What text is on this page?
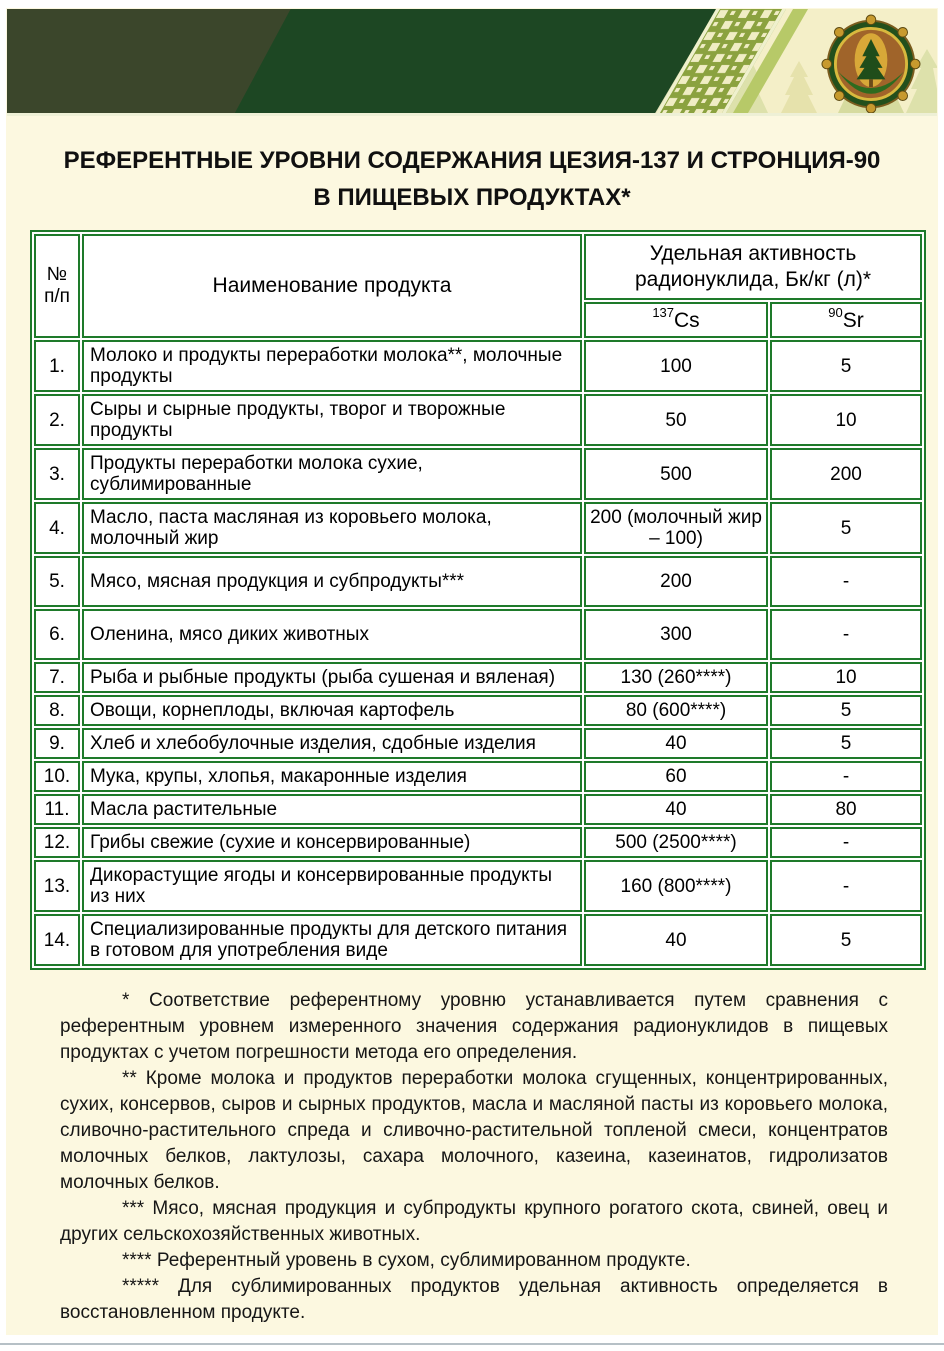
РЕФЕРЕНТНЫЕ УРОВНИ СОДЕРЖАНИЯ ЦЕЗИЯ-137 И СТРОНЦИЯ-90 В ПИЩЕВЫХ ПРОДУКТАХ*
№ п/п	Наименование продукта	Удельная активность радионуклида, Бк/кг (л)*	
		$^{137}$Cs	$^{90}$Sr
1.	Молоко и продукты переработки молока**, молочные продукты	100	5
2.	Сыры и сырные продукты, творог и творожные продукты	50	10
3.	Продукты переработки молока сухие, сублимированные	500	200
4.	Масло, паста масляная из коровьего молока, молочный жир	200 (молочный жир – 100)	5
5.	Мясо, мясная продукция и субпродукты***	200	-
6.	Оленина, мясо диких животных	300	-
7.	Рыба и рыбные продукты (рыба сушеная и вяленая)	130 (260****)	10
8.	Овощи, корнеплоды, включая картофель	80 (600****)	5
9.	Хлеб и хлебобулочные изделия, сдобные изделия	40	5
10.	Мука, крупы, хлопья, макаронные изделия	60	-
11.	Масла растительные	40	80
12.	Грибы свежие (сухие и консервированные)	500 (2500****)	-
13.	Дикорастущие ягоды и консервированные продукты из них	160 (800****)	-
14.	Специализированные продукты для детского питания в готовом для употребления виде	40	5

* Соответствие референтному уровню устанавливается путем сравнения с референтным уровнем измеренного значения содержания радионуклидов в пищевых продуктах с учетом погрешности метода его определения.

** Кроме молока и продуктов переработки молока сгущенных, концентрированных, сухих, консервов, сыров и сырных продуктов, масла и масляной пасты из коровьего молока, сливочно-растительного спреда и сливочно-растительной топленой смеси, концентратов молочных белков, лактулозы, сахара молочного, казеина, казеинатов, гидролизатов молочных белков.

*** Мясо, мясная продукция и субпродукты крупного рогатого скота, свиней, овец и других сельскохозяйственных животных.

**** Референтный уровень в сухом, сублимированном продукте.

***** Для сублимированных продуктов удельная активность определяется в восстановленном продукте.
